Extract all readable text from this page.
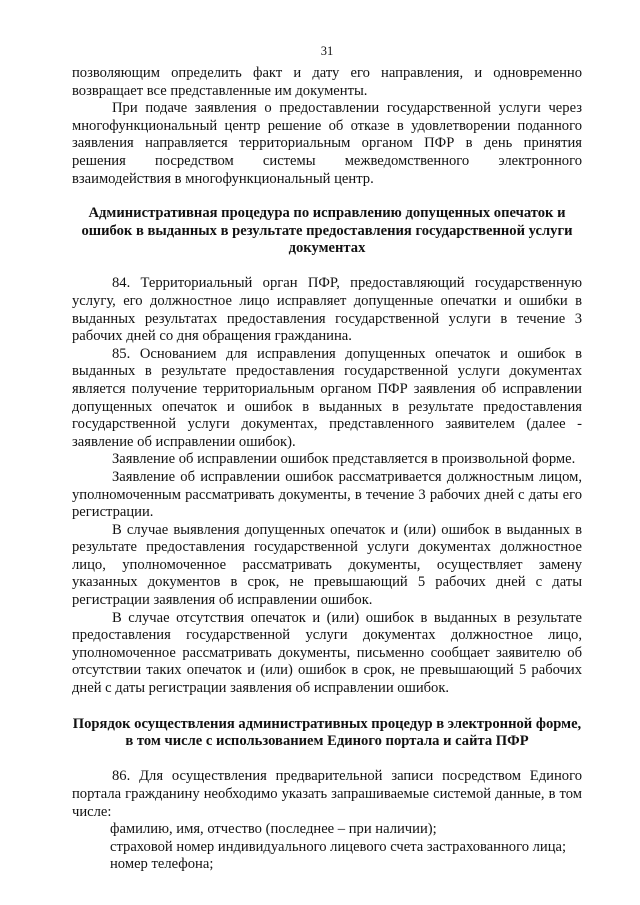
31

позволяющим определить факт и дату его направления, и одновременно возвращает все представленные им документы.

При подаче заявления о предоставлении государственной услуги через многофункциональный центр решение об отказе в удовлетворении поданного заявления направляется территориальным органом ПФР в день принятия решения посредством системы межведомственного электронного взаимодействия в многофункциональный центр.

Административная процедура по исправлению допущенных опечаток и ошибок в выданных в результате предоставления государственной услуги документах

84. Территориальный орган ПФР, предоставляющий государственную услугу, его должностное лицо исправляет допущенные опечатки и ошибки в выданных результатах предоставления государственной услуги в течение 3 рабочих дней со дня обращения гражданина.

85. Основанием для исправления допущенных опечаток и ошибок в выданных в результате предоставления государственной услуги документах является получение территориальным органом ПФР заявления об исправлении допущенных опечаток и ошибок в выданных в результате предоставления государственной услуги документах, представленного заявителем (далее - заявление об исправлении ошибок).

Заявление об исправлении ошибок представляется в произвольной форме.

Заявление об исправлении ошибок рассматривается должностным лицом, уполномоченным рассматривать документы, в течение 3 рабочих дней с даты его регистрации.

В случае выявления допущенных опечаток и (или) ошибок в выданных в результате предоставления государственной услуги документах должностное лицо, уполномоченное рассматривать документы, осуществляет замену указанных документов в срок, не превышающий 5 рабочих дней с даты регистрации заявления об исправлении ошибок.

В случае отсутствия опечаток и (или) ошибок в выданных в результате предоставления государственной услуги документах должностное лицо, уполномоченное рассматривать документы, письменно сообщает заявителю об отсутствии таких опечаток и (или) ошибок в срок, не превышающий 5 рабочих дней с даты регистрации заявления об исправлении ошибок.

Порядок осуществления административных процедур в электронной форме, в том числе с использованием Единого портала и сайта ПФР

86. Для осуществления предварительной записи посредством Единого портала гражданину необходимо указать запрашиваемые системой данные, в том числе:

фамилию, имя, отчество (последнее – при наличии);

страховой номер индивидуального лицевого счета застрахованного лица;

номер телефона;
